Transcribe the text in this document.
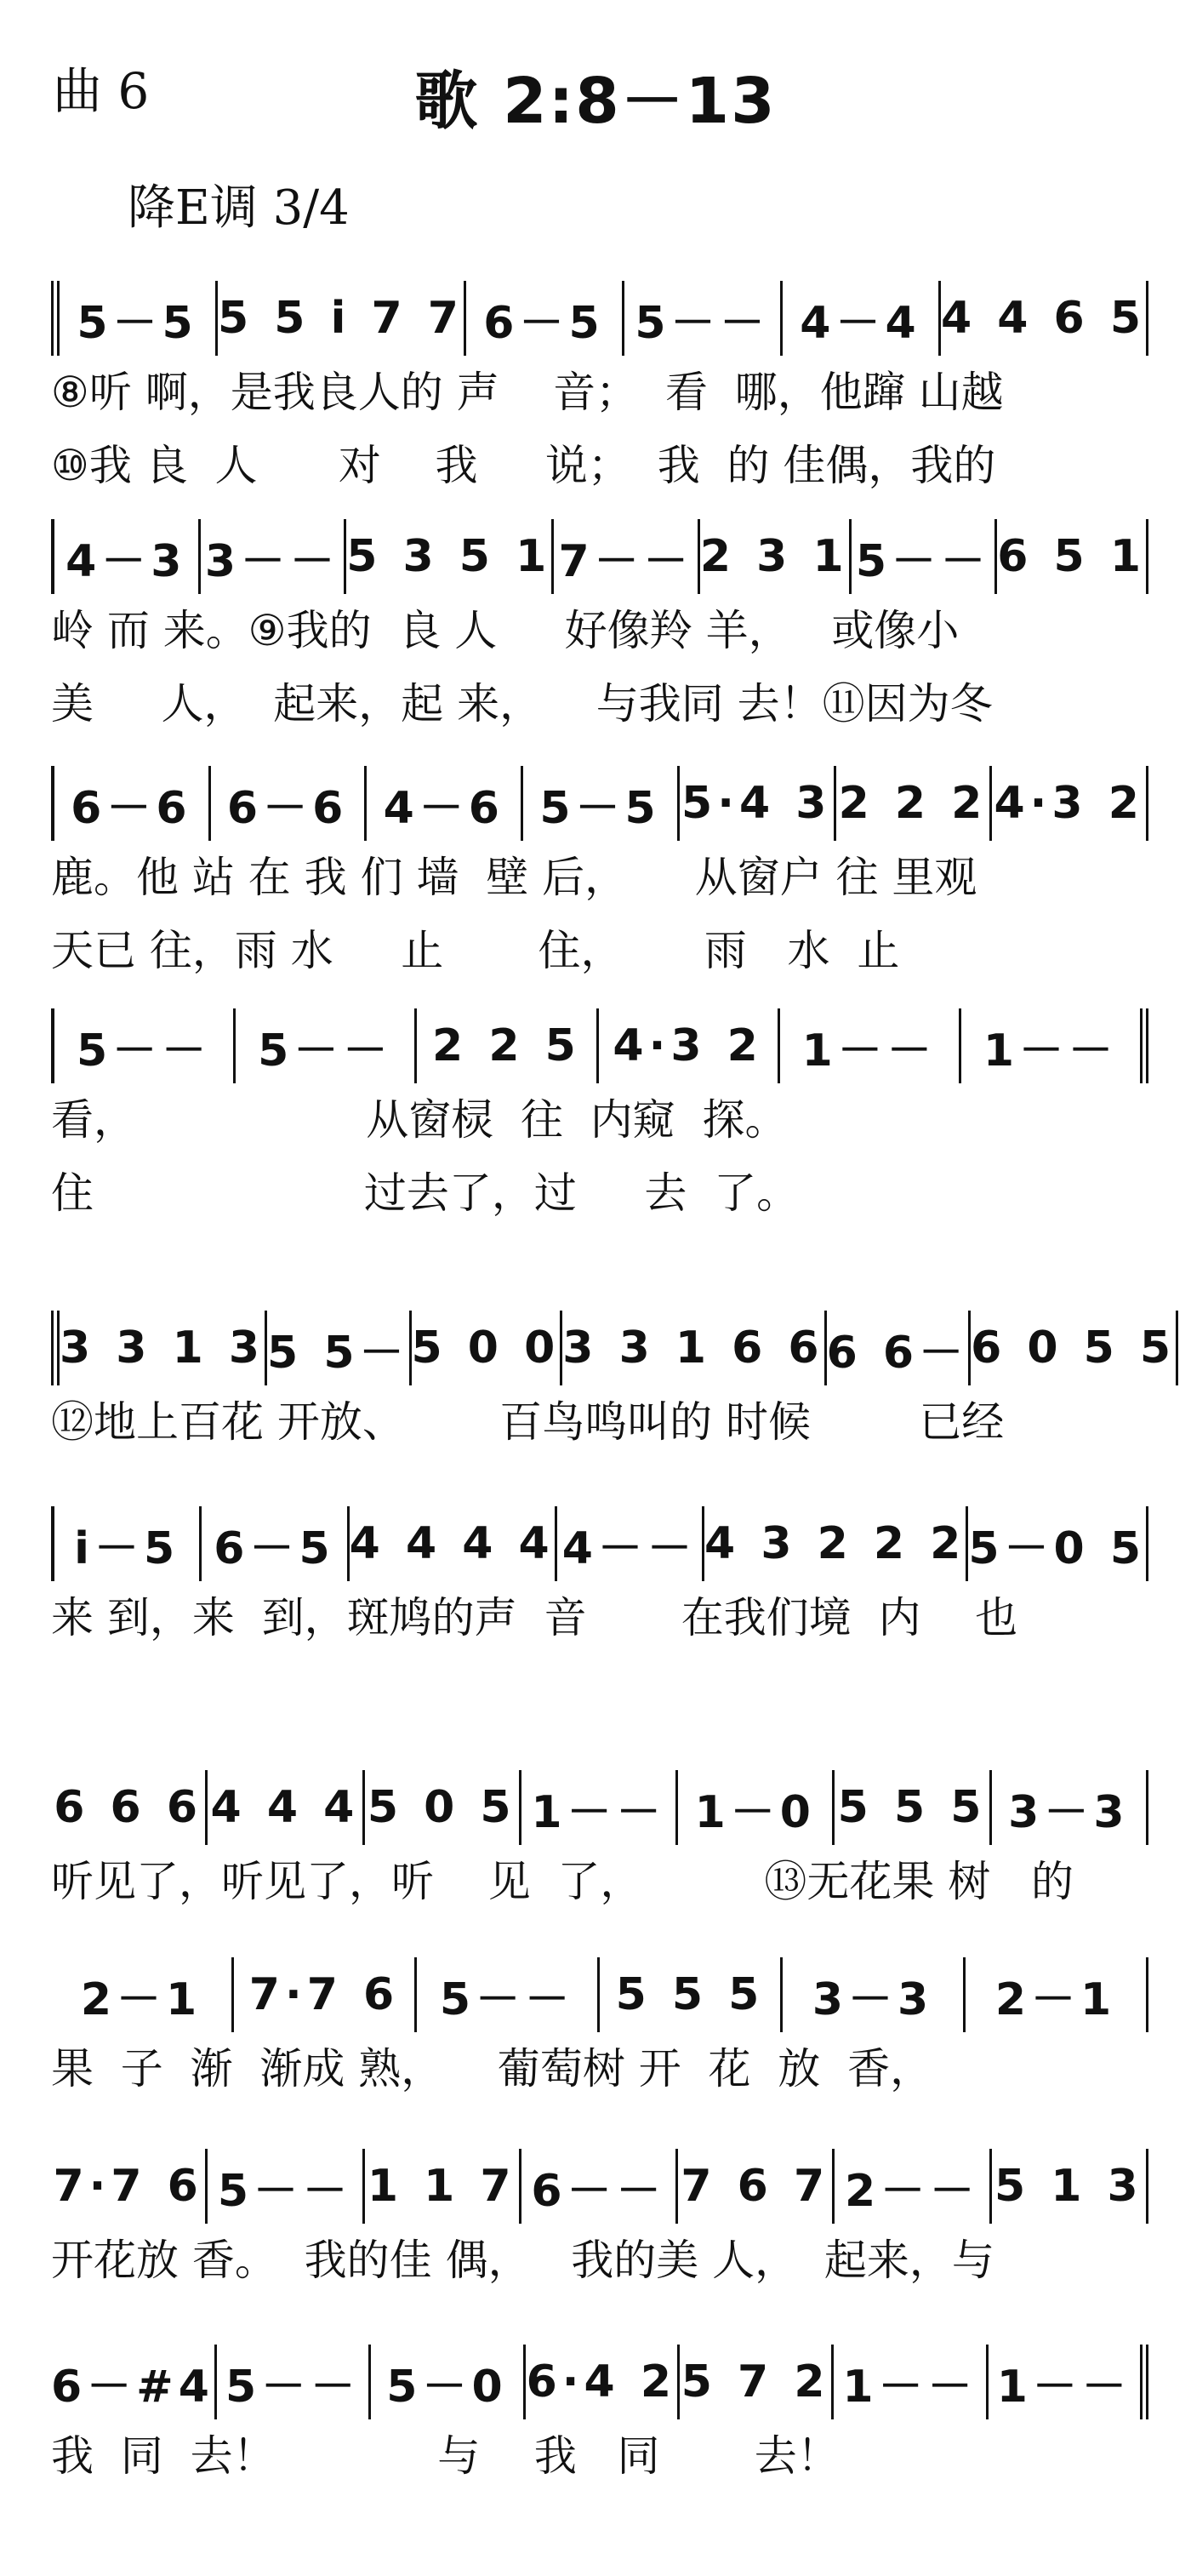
曲 6	歌 2:8－13
降E调 3/4
5－5 5 5 i 7 7 6－5 5－－ 4－4 4 4 6 5
⑧听 啊，是我良人的 声    音；  看  哪，他蹿 山越
⑩我 良  人      对    我     说；  我  的 佳偶，我的
4－3 3－－ 5 3 5 1 7－－ 2 3 1 5－－ 6 5 1
岭 而 来。⑨我的  良 人     好像羚 羊，   或像小
美     人，  起来，起 来，    与我同 去！⑪因为冬
6－6 6－6 4－6 5－5 5·4 3 2 2 2 4·3 2
鹿。他 站 在 我 们 墙  壁 后，     从窗户 往 里观
天已 往，雨 水     止       住，      雨   水  止
5－－	5－－ 2 2 5 4·3 2 1－－	1－－
看，                 从窗棂  往  内窥  探。
住                    过去了，过     去  了。
3 3 1 3 5 5－ 5 0 0 3 3 1 6 6 6 6－ 6 0 5 5
⑫地上百花 开放、       百鸟鸣叫的 时候        已经
i－5 6－5 4 4 4 4 4－－ 4 3 2 2 2 5－0 5
来 到，来  到，斑鸠的声  音       在我们境  内    也
6 6 6 4 4 4 5 0 5 1－－ 1－0 5 5 5 3－3
听见了，听见了，听    见  了，         ⑬无花果 树   的
2－1	7·7 6 5－－ 5 5 5	3－3	2－1
果  子  渐  渐成 熟，    葡萄树 开  花  放  香，
7·7 6 5－－ 1 1 7 6－－ 7 6 7 2－－ 5 1 3
开花放 香。  我的佳 偶，   我的美 人，  起来，与
6－#4 5－－ 5－0 6·4 2 5 7 2 1－－ 1－－
我  同  去！            与    我   同       去！
